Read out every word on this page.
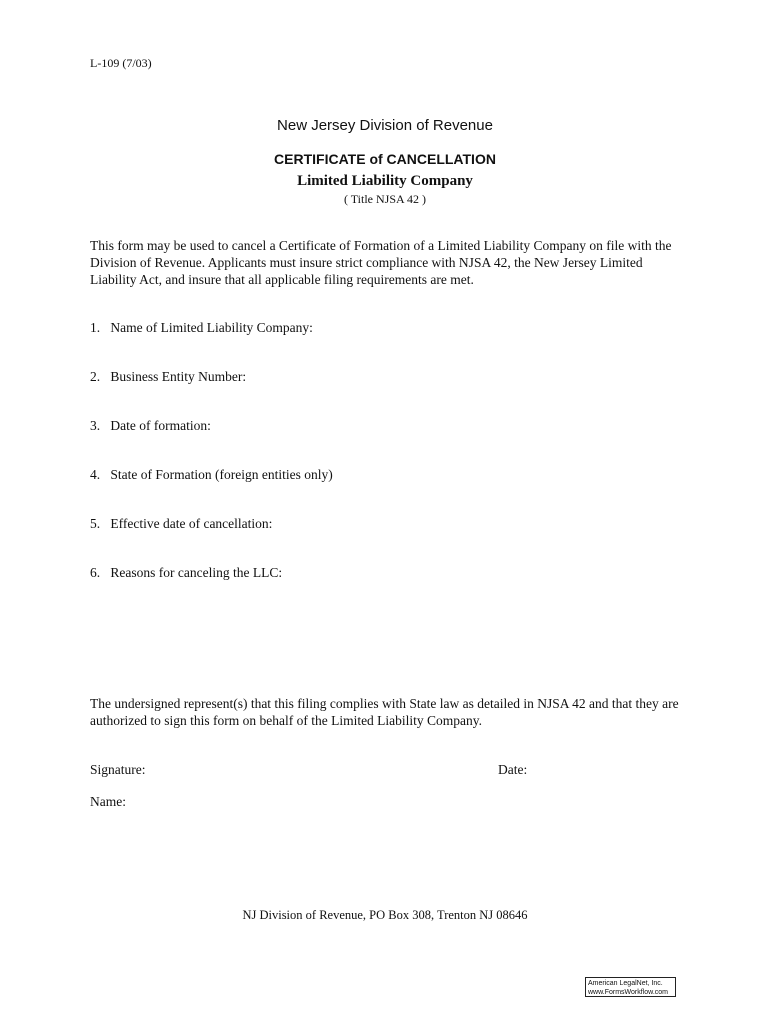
L-109 (7/03)
New Jersey Division of Revenue
CERTIFICATE of CANCELLATION
Limited Liability Company
( Title NJSA 42 )

This form may be used to cancel a Certificate of Formation of a Limited Liability Company on file with the Division of Revenue. Applicants must insure strict compliance with NJSA 42, the New Jersey Limited Liability Act, and insure that all applicable filing requirements are met.

1. Name of Limited Liability Company:
2. Business Entity Number:
3. Date of formation:
4. State of Formation (foreign entities only)
5. Effective date of cancellation:
6. Reasons for canceling the LLC:

The undersigned represent(s) that this filing complies with State law as detailed in NJSA 42 and that they are authorized to sign this form on behalf of the Limited Liability Company.

Signature:	Date:
Name:
NJ Division of Revenue, PO Box 308, Trenton NJ 08646
American LegalNet, Inc.
www.FormsWorkflow.com
